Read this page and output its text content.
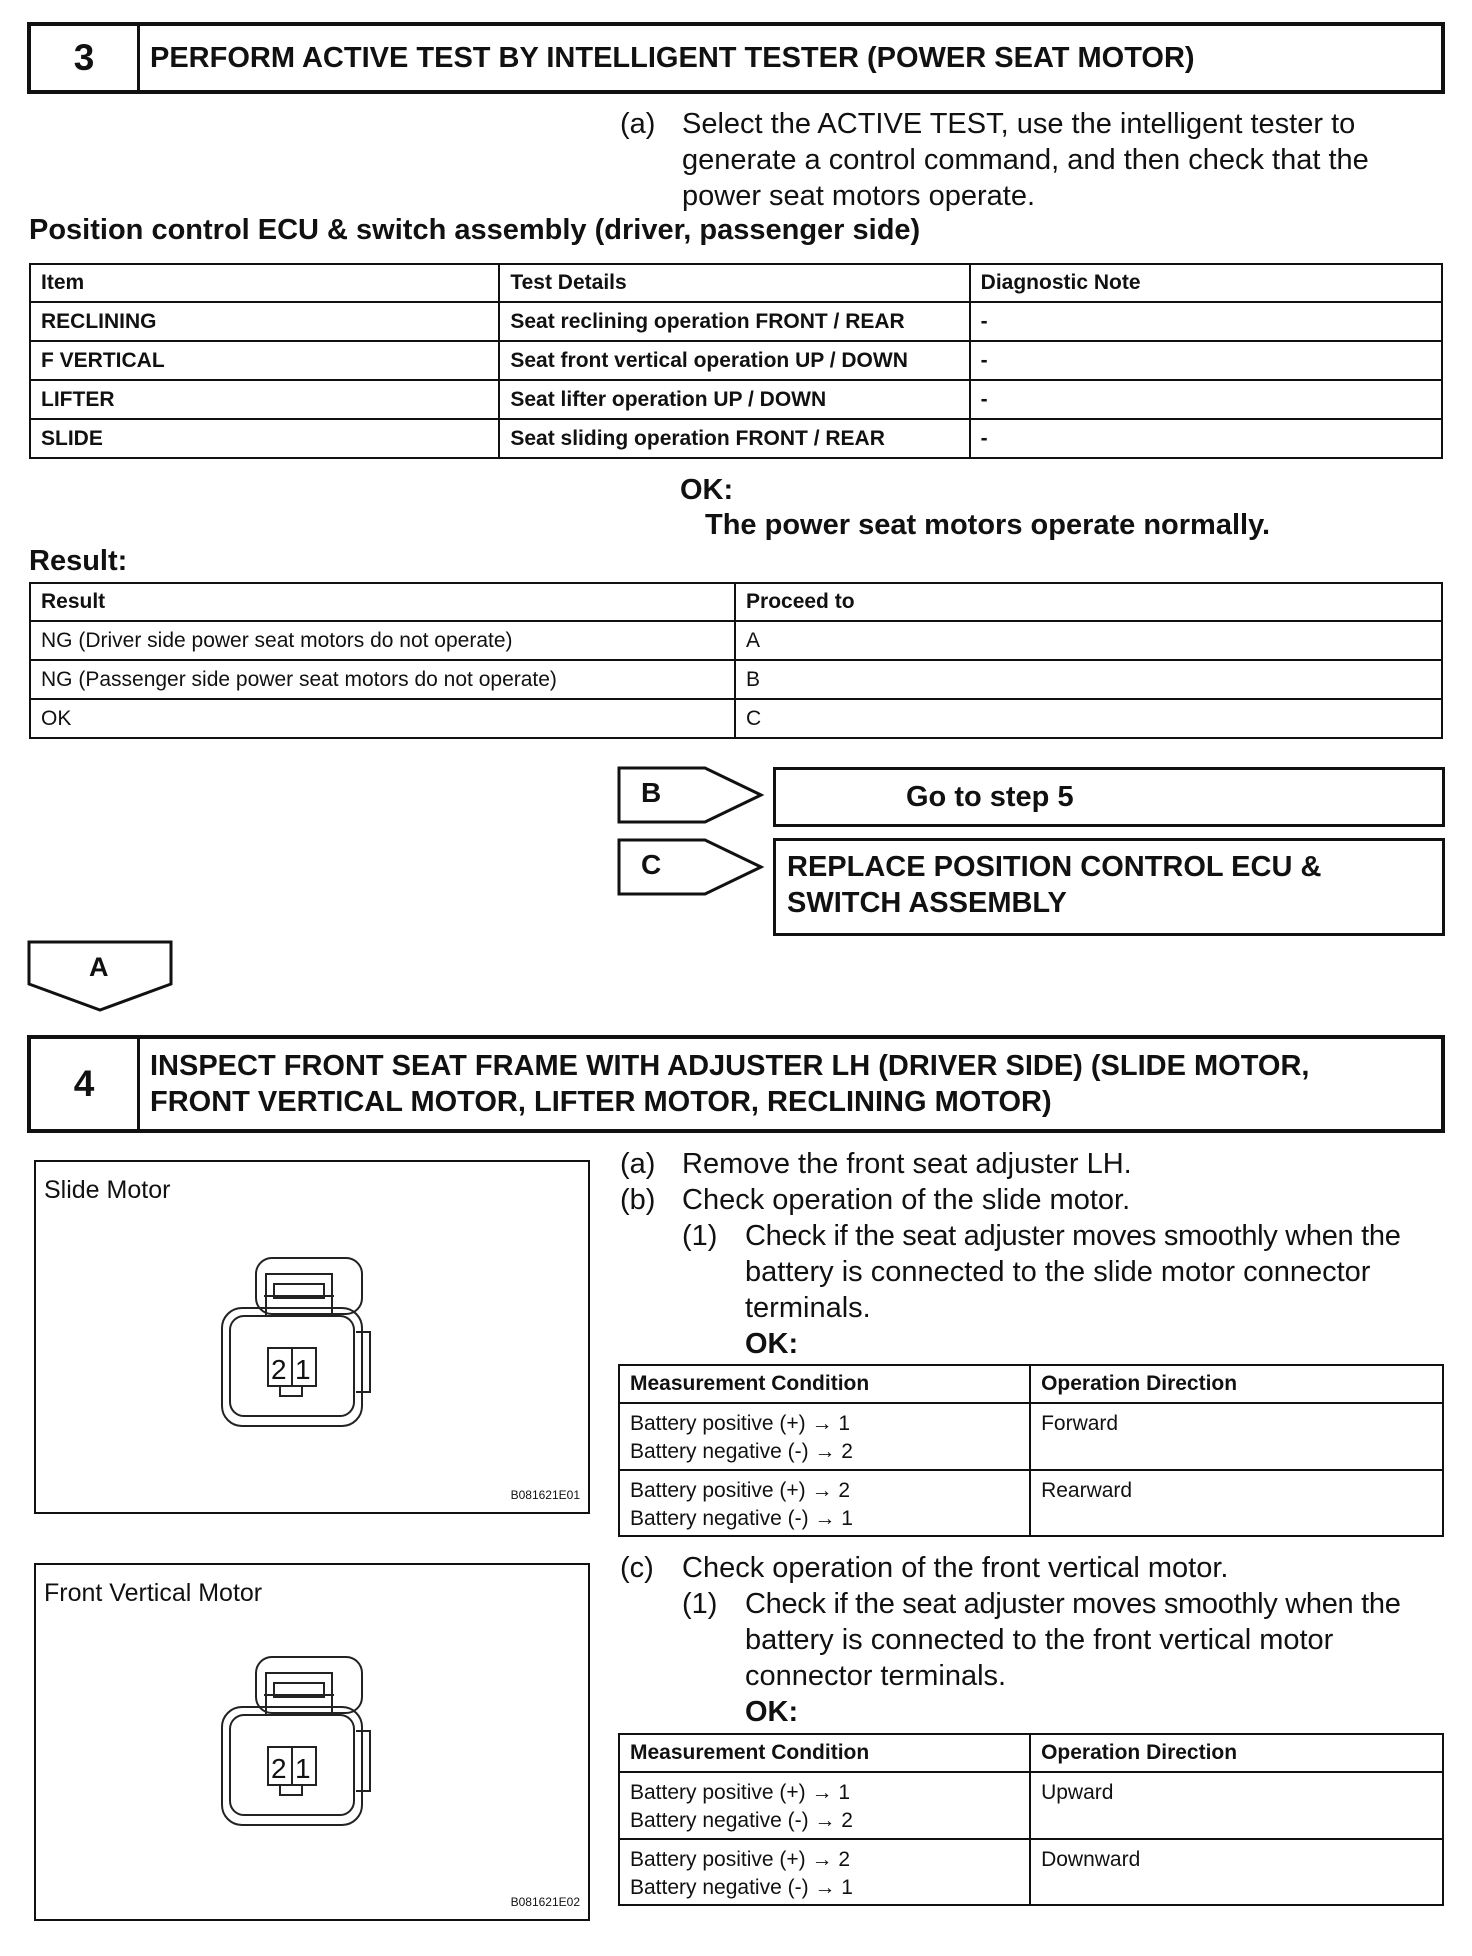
3	PERFORM ACTIVE TEST BY INTELLIGENT TESTER (POWER SEAT MOTOR)
(a) Select the ACTIVE TEST, use the intelligent tester to
generate a control command, and then check that the
power seat motors operate.
Position control ECU & switch assembly (driver, passenger side)
Item	Test Details	Diagnostic Note
RECLINING	Seat reclining operation FRONT / REAR	-
F VERTICAL	Seat front vertical operation UP / DOWN	-
LIFTER	Seat lifter operation UP / DOWN	-
SLIDE	Seat sliding operation FRONT / REAR	-
OK:
The power seat motors operate normally.
Result:
Result	Proceed to
NG (Driver side power seat motors do not operate)	A
NG (Passenger side power seat motors do not operate)	B
OK	C
B	Go to step 5
C	REPLACE POSITION CONTROL ECU &
SWITCH ASSEMBLY
A
4	INSPECT FRONT SEAT FRAME WITH ADJUSTER LH (DRIVER SIDE) (SLIDE MOTOR,
FRONT VERTICAL MOTOR, LIFTER MOTOR, RECLINING MOTOR)
(a) Remove the front seat adjuster LH.
(b) Check operation of the slide motor.
(1) Check if the seat adjuster moves smoothly when the
battery is connected to the slide motor connector
terminals.
OK:
Measurement Condition	Operation Direction

Battery positive (+) → 1
Battery negative (-) → 2	Forward

Battery positive (+) → 2
Battery negative (-) → 1	Rearward
(c) Check operation of the front vertical motor.
(1) Check if the seat adjuster moves smoothly when the
battery is connected to the front vertical motor
connector terminals.
OK:
Measurement Condition	Operation Direction

Battery positive (+) → 1
Battery negative (-) → 2	Upward

Battery positive (+) → 2
Battery negative (-) → 1	Downward
Slide Motor
2 1
B081621E01
Front Vertical Motor
2 1
B081621E02
